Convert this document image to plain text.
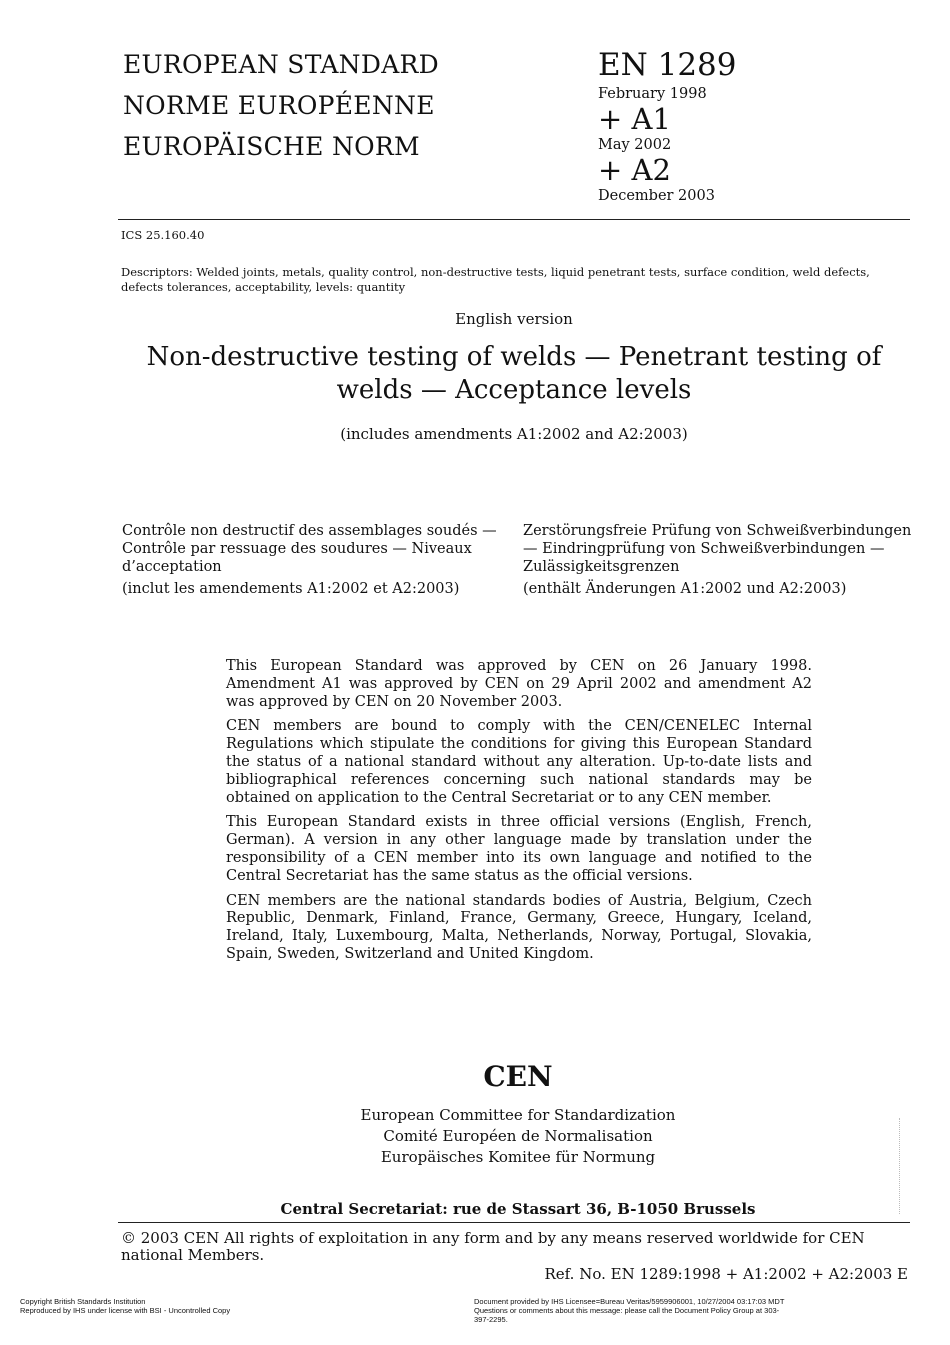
EUROPEAN STANDARD
NORME EUROPÉENNE
EUROPÄISCHE NORM
EN 1289
February 1998
+ A1
May 2002
+ A2
December 2003
ICS 25.160.40
Descriptors: Welded joints, metals, quality control, non-destructive tests, liquid penetrant tests, surface condition, weld defects, defects tolerances, acceptability, levels: quantity
English version
Non-destructive testing of welds — Penetrant testing of
welds — Acceptance levels
(includes amendments A1:2002 and A2:2003)

Contrôle non destructif des assemblages soudés — Contrôle par ressuage des soudures — Niveaux d’acceptation

(inclut les amendements A1:2002 et A2:2003)

Zerstörungsfreie Prüfung von Schweißverbindungen — Eindringprüfung von Schweißverbindungen — Zulässigkeitsgrenzen

(enthält Änderungen A1:2002 und A2:2003)

This European Standard was approved by CEN on 26 January 1998. Amendment A1 was approved by CEN on 29 April 2002 and amendment A2 was approved by CEN on 20 November 2003.

CEN members are bound to comply with the CEN/CENELEC Internal Regulations which stipulate the conditions for giving this European Standard the status of a national standard without any alteration. Up-to-date lists and bibliographical references concerning such national standards may be obtained on application to the Central Secretariat or to any CEN member.

This European Standard exists in three official versions (English, French, German). A version in any other language made by translation under the responsibility of a CEN member into its own language and notified to the Central Secretariat has the same status as the official versions.

CEN members are the national standards bodies of Austria, Belgium, Czech Republic, Denmark, Finland, France, Germany, Greece, Hungary, Iceland, Ireland, Italy, Luxembourg, Malta, Netherlands, Norway, Portugal, Slovakia, Spain, Sweden, Switzerland and United Kingdom.

CEN
European Committee for Standardization
Comité Européen de Normalisation
Europäisches Komitee für Normung
Central Secretariat: rue de Stassart 36, B-1050 Brussels
© 2003 CEN All rights of exploitation in any form and by any means reserved worldwide for CEN national Members.
Ref. No. EN 1289:1998 + A1:2002 + A2:2003 E
Copyright British Standards Institution
Reproduced by IHS under license with BSI - Uncontrolled Copy
Document provided by IHS Licensee=Bureau Veritas/5959906001, 10/27/2004 03:17:03 MDT Questions or comments about this message: please call the Document Policy Group at 303-397-2295.
